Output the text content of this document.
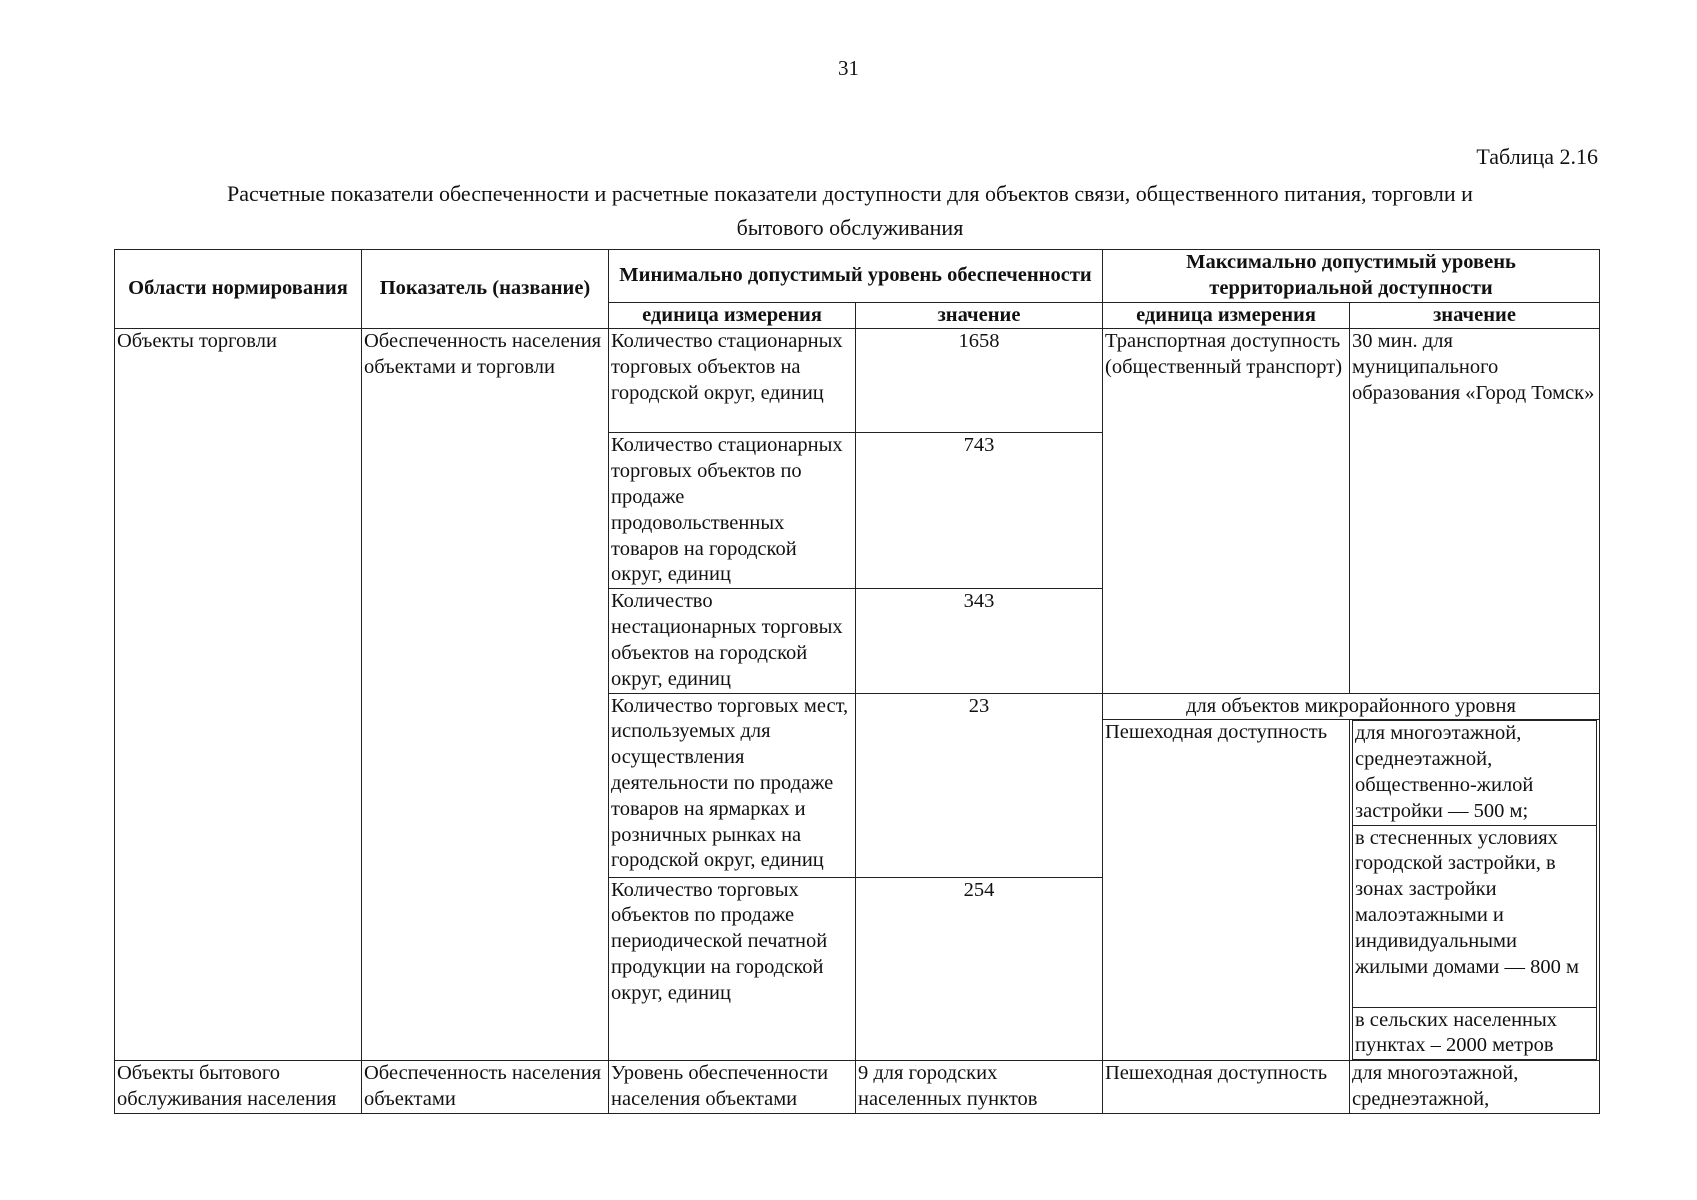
31
Таблица 2.16
Расчетные показатели обеспеченности и расчетные показатели доступности для объектов связи, общественного питания, торговли и
бытового обслуживания
Области нормирования	Показатель (название)	Минимально допустимый уровень обеспеченности	Максимально допустимый уровень территориальной доступности
единица измерения	значение	единица измерения	значение
Объекты торговли	Обеспеченность населения объектами и торговли	Количество стационарных торговых объектов на городской округ, единиц	1658	Транспортная доступность (общественный транспорт)	30 мин. для муниципального образования «Город Томск»
Количество стационарных торговых объектов по продаже продовольственных товаров на городской округ, единиц	743
Количество нестационарных торговых объектов на городской округ, единиц	343
Количество торговых мест, используемых для осуществления деятельности по продаже товаров на ярмарках и розничных рынках на городской округ, единиц	23	для объектов микрорайонного уровня
Пешеходная доступность	для многоэтажной, среднеэтажной, общественно-жилой застройки — 500 м;
в стесненных условиях городской застройки, в зонах застройки малоэтажными и индивидуальными жилыми домами — 800 м
в сельских населенных пунктах – 2000 метров

Количество торговых объектов по продаже периодической печатной продукции на городской округ, единиц	254
Объекты бытового обслуживания населения	Обеспеченность населения объектами	Уровень обеспеченности населения объектами	9 для городских населенных пунктов	Пешеходная доступность	для многоэтажной, среднеэтажной,
